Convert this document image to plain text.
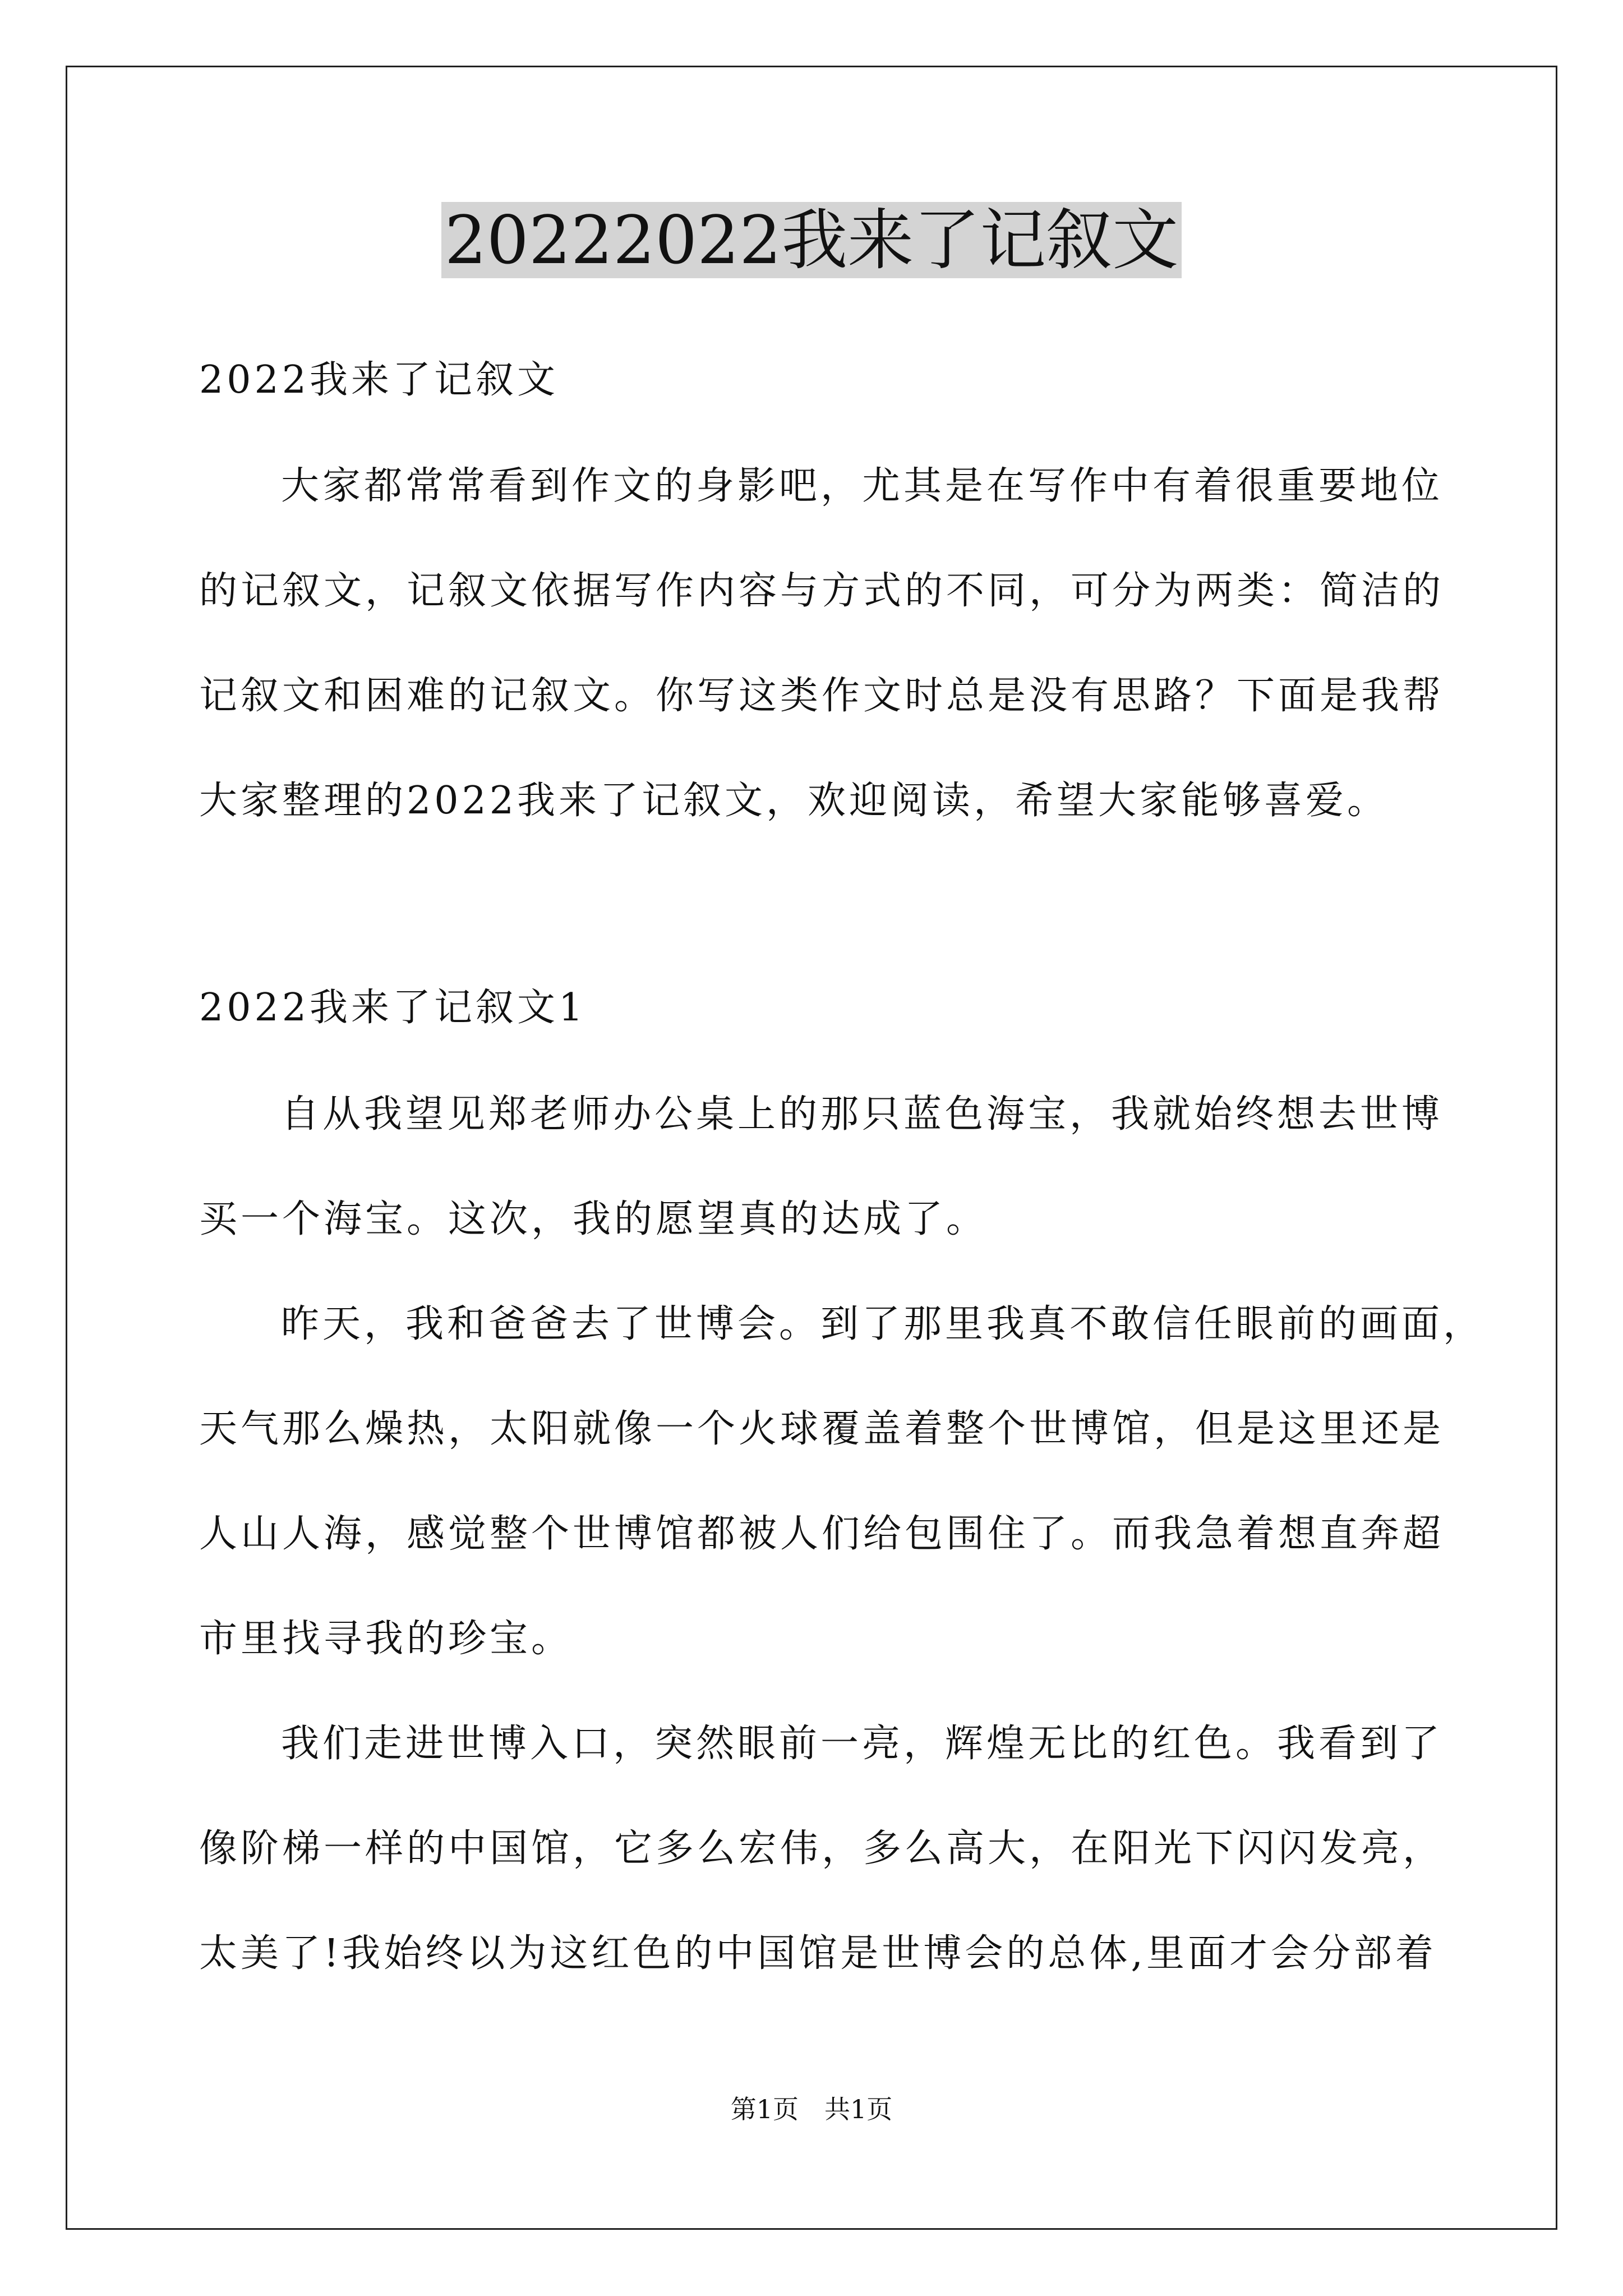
20222022我来了记叙文
2022我来了记叙文
大家都常常看到作文的身影吧，尤其是在写作中有着很重要地位
的记叙文，记叙文依据写作内容与方式的不同，可分为两类：简洁的
记叙文和困难的记叙文。你写这类作文时总是没有思路？下面是我帮
大家整理的2022我来了记叙文，欢迎阅读，希望大家能够喜爱。
2022我来了记叙文1
自从我望见郑老师办公桌上的那只蓝色海宝，我就始终想去世博
买一个海宝。这次，我的愿望真的达成了。
昨天，我和爸爸去了世博会。到了那里我真不敢信任眼前的画面，
天气那么燥热，太阳就像一个火球覆盖着整个世博馆，但是这里还是
人山人海，感觉整个世博馆都被人们给包围住了。而我急着想直奔超
市里找寻我的珍宝。
我们走进世博入口，突然眼前一亮，辉煌无比的红色。我看到了
像阶梯一样的中国馆，它多么宏伟，多么高大，在阳光下闪闪发亮，
太美了!我始终以为这红色的中国馆是世博会的总体,里面才会分部着
第1页　共1页
